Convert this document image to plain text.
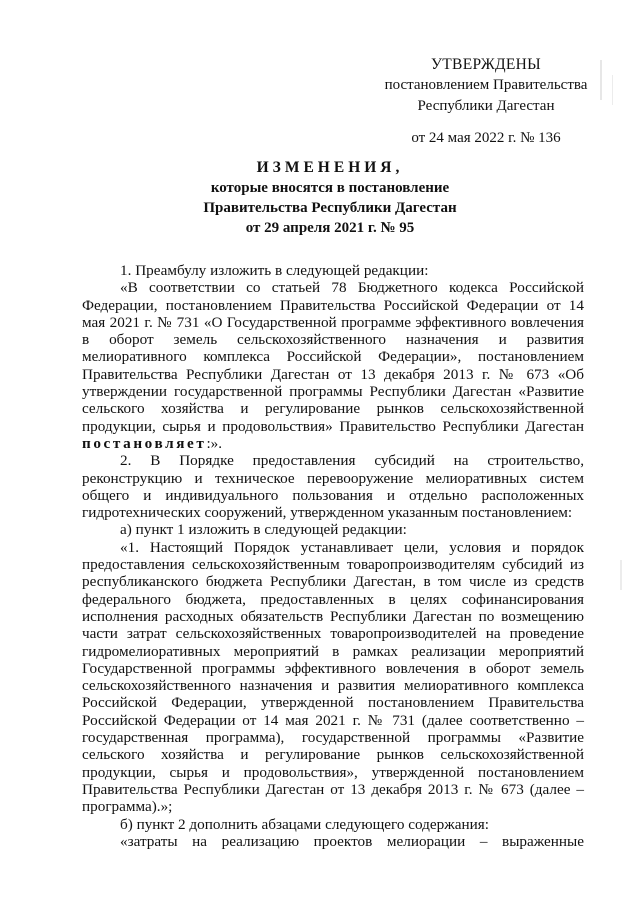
УТВЕРЖДЕНЫ
постановлением Правительства
Республики Дагестан
от 24 мая 2022 г. № 136
ИЗМЕНЕНИЯ,
которые вносятся в постановление
Правительства Республики Дагестан
от 29 апреля 2021 г. № 95

1. Преамбулу изложить в следующей редакции:

«В соответствии со статьей 78 Бюджетного кодекса Российской Федерации, постановлением Правительства Российской Федерации от 14 мая 2021 г. № 731 «О Государственной программе эффективного вовлечения в оборот земель сельскохозяйственного назначения и развития мелиоративного комплекса Российской Федерации», постановлением Правительства Республики Дагестан от 13 декабря 2013 г. № 673 «Об утверждении государственной программы Республики Дагестан «Развитие сельского хозяйства и регулирование рынков сельскохозяйственной продукции, сырья и продовольствия» Правительство Республики Дагестан постановляет:».

2. В Порядке предоставления субсидий на строительство, реконструкцию и техническое перевооружение мелиоративных систем общего и индивидуального пользования и отдельно расположенных гидротехнических сооружений, утвержденном указанным постановлением:

а) пункт 1 изложить в следующей редакции:

«1. Настоящий Порядок устанавливает цели, условия и порядок предоставления сельскохозяйственным товаропроизводителям субсидий из республиканского бюджета Республики Дагестан, в том числе из средств федерального бюджета, предоставленных в целях софинансирования исполнения расходных обязательств Республики Дагестан по возмещению части затрат сельскохозяйственных товаропроизводителей на проведение гидромелиоративных мероприятий в рамках реализации мероприятий Государственной программы эффективного вовлечения в оборот земель сельскохозяйственного назначения и развития мелиоративного комплекса Российской Федерации, утвержденной постановлением Правительства Российской Федерации от 14 мая 2021 г. № 731 (далее соответственно – государственная программа), государственной программы «Развитие сельского хозяйства и регулирование рынков сельскохозяйственной продукции, сырья и продовольствия», утвержденной постановлением Правительства Республики Дагестан от 13 декабря 2013 г. № 673 (далее – программа).»;

б) пункт 2 дополнить абзацами следующего содержания:

«затраты на реализацию проектов мелиорации – выраженные
